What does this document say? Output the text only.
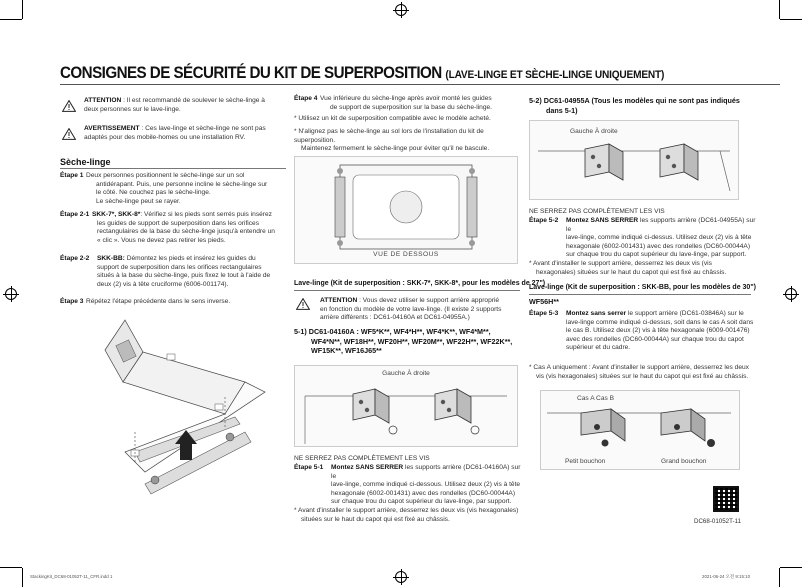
CONSIGNES DE SÉCURITÉ DU KIT DE SUPERPOSITION (LAVE-LINGE ET SÈCHE-LINGE UNIQUEMENT)
ATTENTION : Il est recommandé de soulever le sèche-linge à deux personnes sur le lave-linge.
AVERTISSEMENT : Ces lave-linge et sèche-linge ne sont pas adaptés pour des mobile-homes ou une installation RV.
Sèche-linge
Étape 1 Deux personnes positionnent le sèche-linge sur un sol
antidérapant. Puis, une personne incline le sèche-linge sur
le côté. Ne couchez pas le sèche-linge.
Le sèche-linge peut se rayer.
Étape 2-1 SKK-7*, SKK-8*: Vérifiez si les pieds sont serrés puis insérez
les guides de support de superposition dans les orifices
rectangulaires de la base du sèche-linge jusqu'à entendre un
« clic ». Vous ne devez pas retirer les pieds.
Étape 2-2 SKK-BB: Démontez les pieds et insérez les guides du
support de superposition dans les orifices rectangulaires
situés à la base du sèche-linge, puis fixez le tout à l'aide de
deux (2) vis à tête cruciforme (6006-001174).
Étape 3 Répétez l'étape précédente dans le sens inverse.
Étape 4 Vue inférieure du sèche-linge après avoir monté les guides
de support de superposition sur la base du sèche-linge.
* Utilisez un kit de superposition compatible avec le modèle acheté.
* N'alignez pas le sèche-linge au sol lors de l'installation du kit de superposition.
Maintenez fermement le sèche-linge pour éviter qu'il ne bascule.
VUE DE DESSOUS
Lave-linge (Kit de superposition : SKK-7*, SKK-8*, pour les modèles de 27")
ATTENTION : Vous devez utiliser le support arrière approprié
en fonction du modèle de votre lave-linge. (Il existe 2 supports
arrière différents : DC61-04160A et DC61-04955A.)
5-1) DC61-04160A : WF5*K**, WF4*H**, WF4*K**, WF4*M**,
WF4*N**, WF18H**, WF20H**, WF20M**, WF22H**, WF22K**,
WF15K**, WF16J65**
Gauche À droite
NE SERREZ PAS COMPLÈTEMENT LES VIS
Étape 5-1 Montez SANS SERRER les supports arrière (DC61-04160A) sur le
lave-linge, comme indiqué ci-dessous. Utilisez deux (2) vis à tête
hexagonale (6002-001431) avec des rondelles (DC60-00044A)
sur chaque trou du capot supérieur du lave-linge, par support.
* Avant d'installer le support arrière, desserrez les deux vis (vis hexagonales)
situées sur le haut du capot qui est fixé au châssis.
5-2) DC61-04955A (Tous les modèles qui ne sont pas indiqués
dans 5-1)
Gauche À droite
NE SERREZ PAS COMPLÈTEMENT LES VIS
Étape 5-2 Montez SANS SERRER les supports arrière (DC61-04955A) sur le
lave-linge, comme indiqué ci-dessus. Utilisez deux (2) vis à tête
hexagonale (6002-001431) avec des rondelles (DC60-00044A)
sur chaque trou du capot supérieur du lave-linge, par support.
* Avant d'installer le support arrière, desserrez les deux vis (vis
hexagonales) situées sur le haut du capot qui est fixé au châssis.
Lave-linge (Kit de superposition : SKK-BB, pour les modèles de 30")
WF56H**
Étape 5-3 Montez sans serrer le support arrière (DC61-03846A) sur le
lave-linge comme indiqué ci-dessus, soit dans le cas A soit dans
le cas B. Utilisez deux (2) vis à tête hexagonale (6009-001476)
avec des rondelles (DC60-00044A) sur chaque trou du capot
supérieur et du cadre.
* Cas A uniquement : Avant d'installer le support arrière, desserrez les deux
vis (vis hexagonales) situées sur le haut du capot qui est fixé au châssis.
Cas A Cas B
Petit bouchon	Grand bouchon
DC68-01052T-11
StackingKit_DC68-01052T-11_CFR.indd 1	2021-06-24 오전 9:15:10
